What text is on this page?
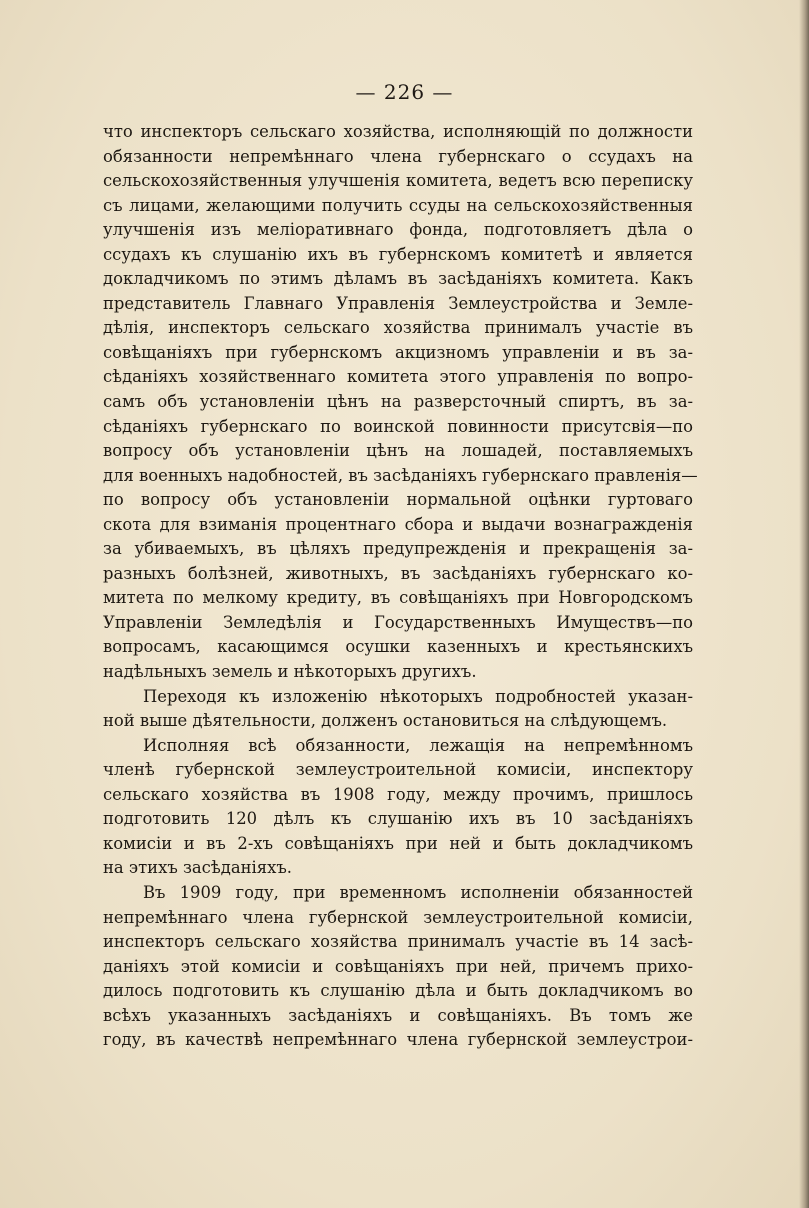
— 226 —
что инспекторъ сельскаго хозяйства, исполняющій по должности
обязанности непремѣннаго члена губернскаго о ссудахъ на
сельскохозяйственныя улучшенія комитета, ведетъ всю переписку
съ лицами, желающими получить ссуды на сельскохозяйственныя
улучшенія изъ меліоративнаго фонда, подготовляетъ дѣла о
ссудахъ къ слушанію ихъ въ губернскомъ комитетѣ и является
докладчикомъ по этимъ дѣламъ въ засѣданіяхъ комитета. Какъ
представитель Главнаго Управленія Землеустройства и Земле-
дѣлія, инспекторъ сельскаго хозяйства принималъ участіе въ
совѣщаніяхъ при губернскомъ акцизномъ управленіи и въ за-
сѣданіяхъ хозяйственнаго комитета этого управленія по вопро-
самъ объ установленіи цѣнъ на разверсточный спиртъ, въ за-
сѣданіяхъ губернскаго по воинской повинности присутсвія—по
вопросу объ установленіи цѣнъ на лошадей, поставляемыхъ
для военныхъ надобностей, въ засѣданіяхъ губернскаго правленія—
по вопросу объ установленіи нормальной оцѣнки гуртоваго
скота для взиманія процентнаго сбора и выдачи вознагражденія
за убиваемыхъ, въ цѣляхъ предупрежденія и прекращенія за-
разныхъ болѣзней, животныхъ, въ засѣданіяхъ губернскаго ко-
митета по мелкому кредиту, въ совѣщаніяхъ при Новгородскомъ
Управленіи Земледѣлія и Государственныхъ Имуществъ—по
вопросамъ, касающимся осушки казенныхъ и крестьянскихъ
надѣльныхъ земель и нѣкоторыхъ другихъ.
Переходя къ изложенію нѣкоторыхъ подробностей указан-
ной выше дѣятельности, долженъ остановиться на слѣдующемъ.
Исполняя всѣ обязанности, лежащія на непремѣнномъ
членѣ губернской землеустроительной комисіи, инспектору
сельскаго хозяйства въ 1908 году, между прочимъ, пришлось
подготовить 120 дѣлъ къ слушанію ихъ въ 10 засѣданіяхъ
комисіи и въ 2-хъ совѣщаніяхъ при ней и быть докладчикомъ
на этихъ засѣданіяхъ.
Въ 1909 году, при временномъ исполненіи обязанностей
непремѣннаго члена губернской землеустроительной комисіи,
инспекторъ сельскаго хозяйства принималъ участіе въ 14 засѣ-
даніяхъ этой комисіи и совѣщаніяхъ при ней, причемъ прихо-
дилось подготовить къ слушанію дѣла и быть докладчикомъ во
всѣхъ указанныхъ засѣданіяхъ и совѣщаніяхъ. Въ томъ же
году, въ качествѣ непремѣннаго члена губернской землеустрои-
